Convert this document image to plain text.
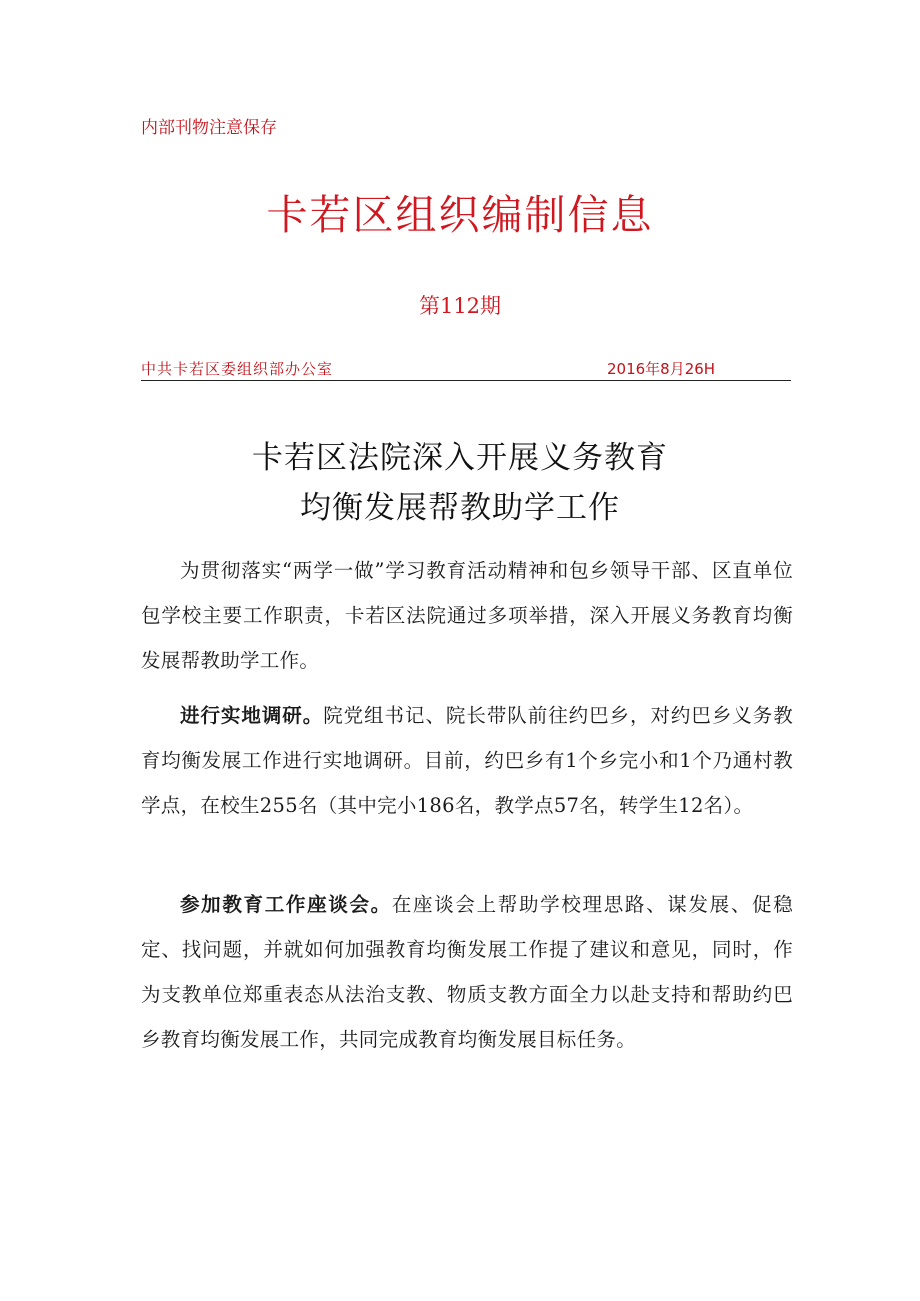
内部刊物注意保存
卡若区组织编制信息
第112期
中共卡若区委组织部办公室	2016年8月26H
卡若区法院深入开展义务教育
均衡发展帮教助学工作

为贯彻落实“两学一做”学习教育活动精神和包乡领导干部、区直单位包学校主要工作职责，卡若区法院通过多项举措，深入开展义务教育均衡发展帮教助学工作。

进行实地调研。院党组书记、院长带队前往约巴乡，对约巴乡义务教育均衡发展工作进行实地调研。目前，约巴乡有1个乡完小和1个乃通村教学点，在校生255名（其中完小186名，教学点57名，转学生12名）。

参加教育工作座谈会。在座谈会上帮助学校理思路、谋发展、促稳定、找问题，并就如何加强教育均衡发展工作提了建议和意见，同时，作为支教单位郑重表态从法治支教、物质支教方面全力以赴支持和帮助约巴乡教育均衡发展工作，共同完成教育均衡发展目标任务。
